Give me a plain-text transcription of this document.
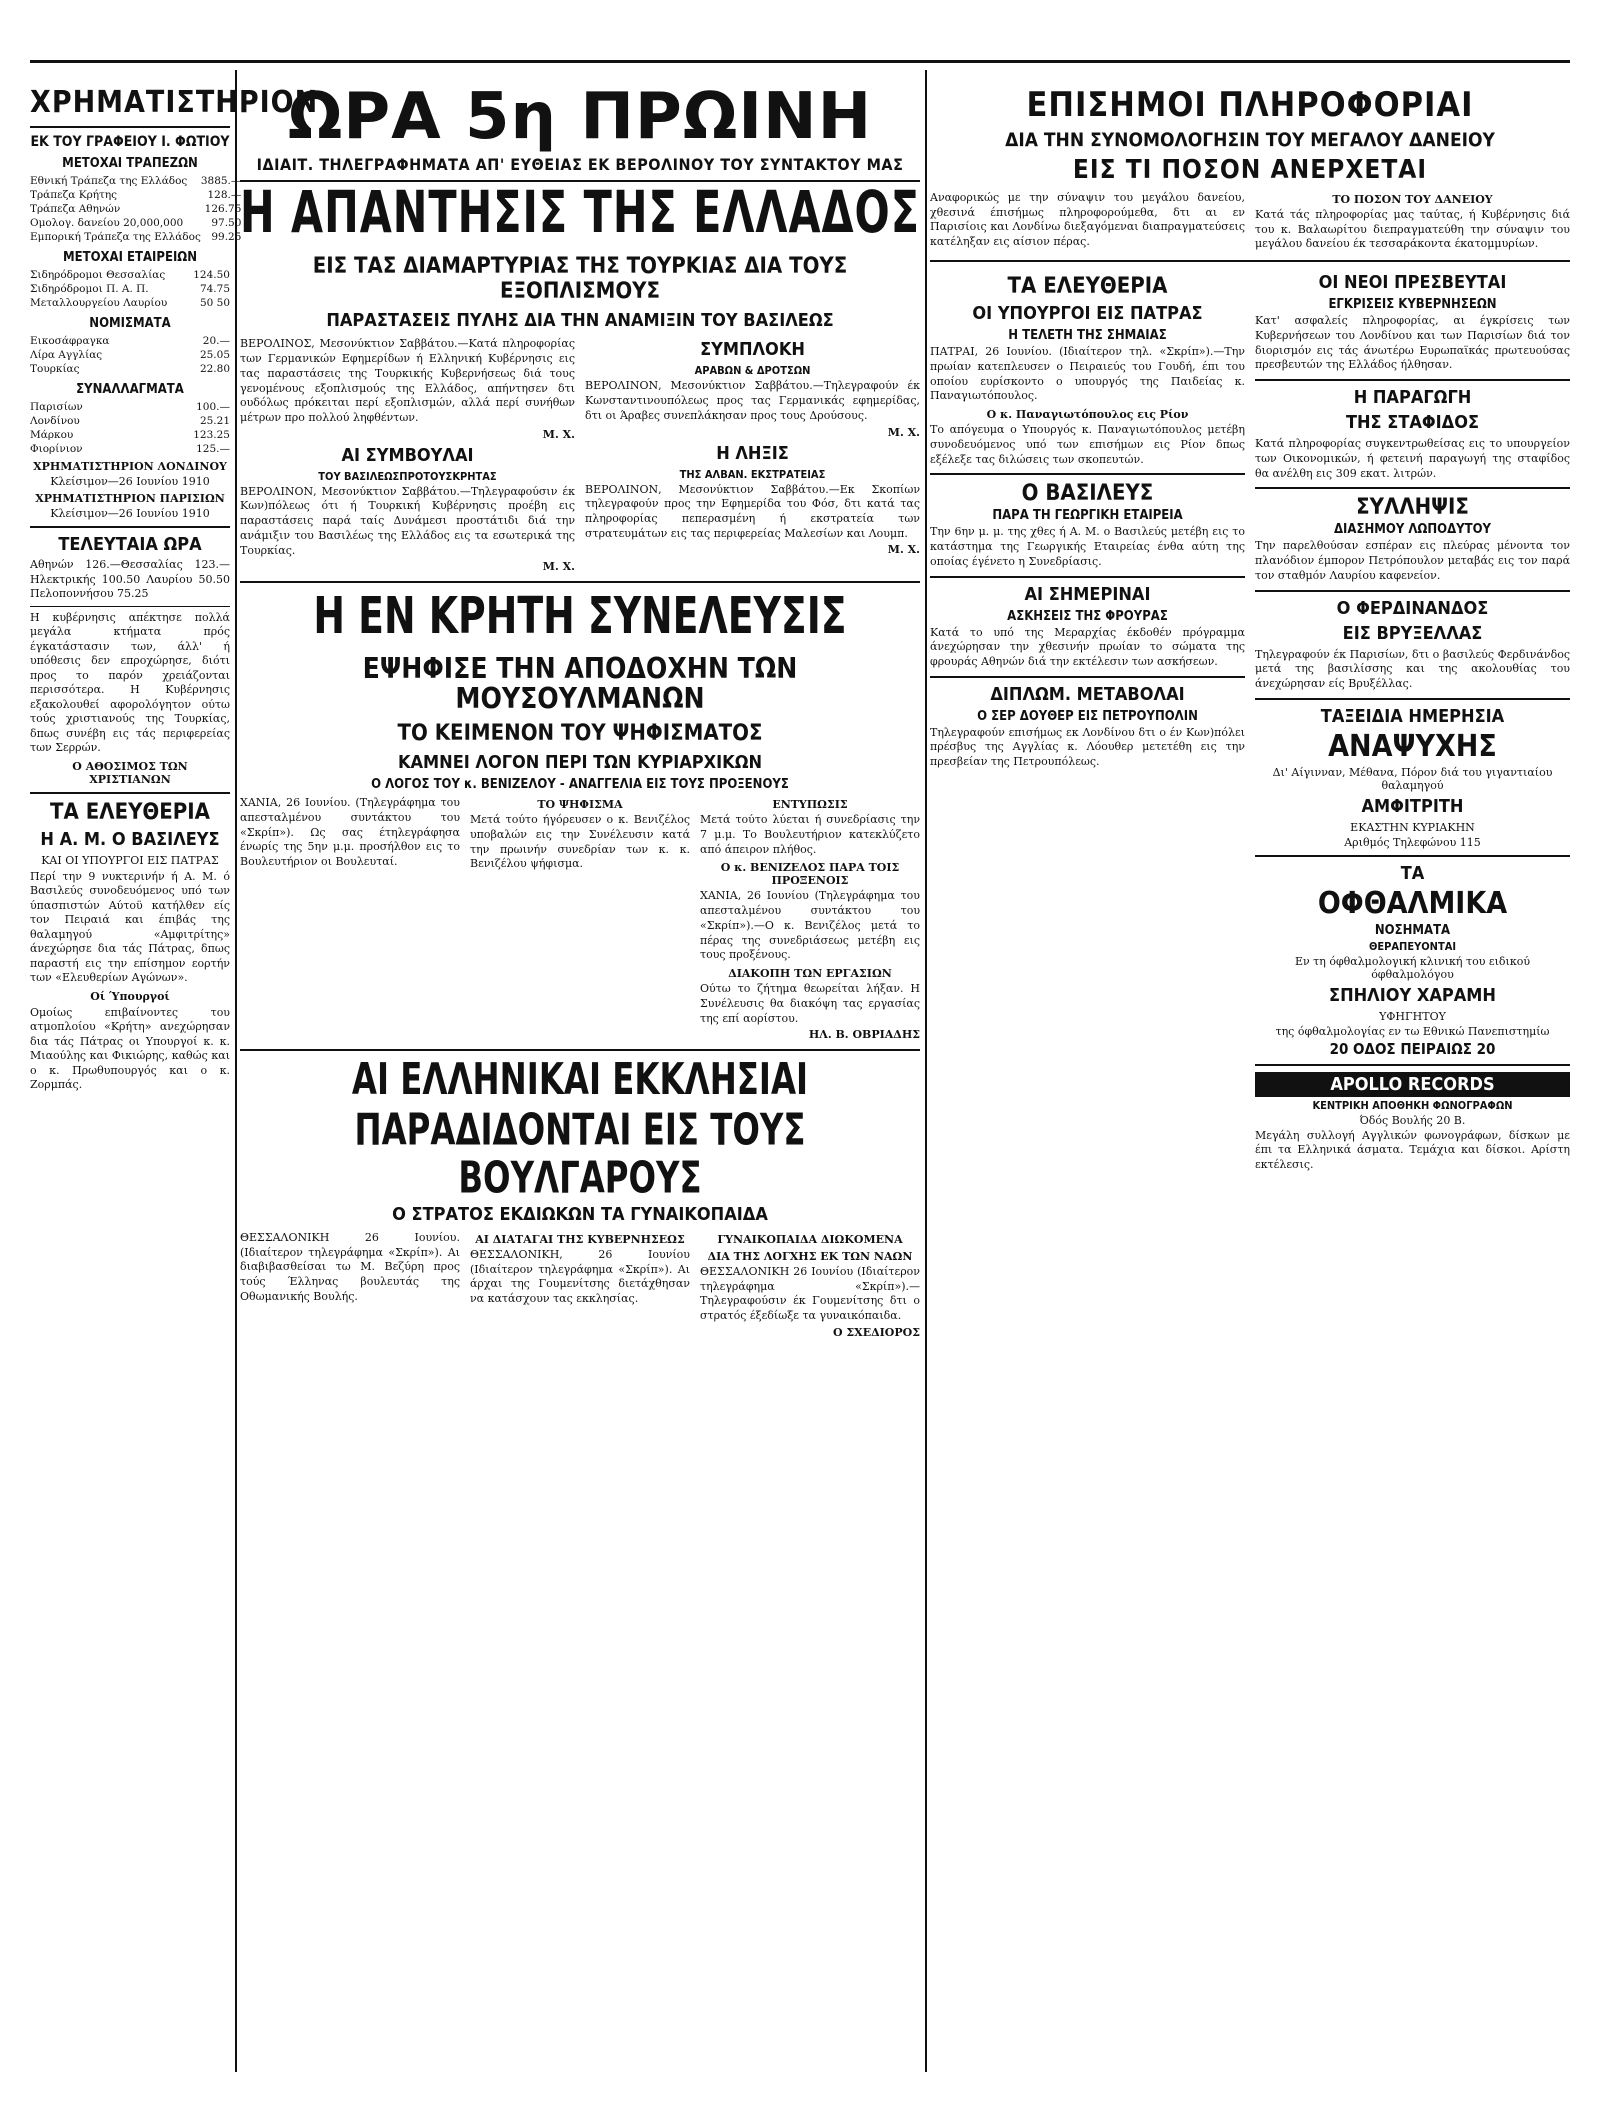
ΧΡΗΜΑΤΙΣΤΗΡΙΟΝ
ΕΚ ΤΟΥ ΓΡΑΦΕΙΟΥ Ι. ΦΩΤΙΟΥ
ΜΕΤΟΧΑΙ ΤΡΑΠΕΖΩΝ
Εθνική Τράπεζα της Ελλάδος	3885.—
Τράπεζα Κρήτης	128.—
Τράπεζα Αθηνών	126.75
Ομολογ. δανείου 20,000,000	97.50
Εμπορική Τράπεζα της Ελλάδος	99.25
ΜΕΤΟΧΑΙ ΕΤΑΙΡΕΙΩΝ
Σιδηρόδρομοι Θεσσαλίας	124.50
Σιδηρόδρομοι Π. Α. Π.	74.75
Μεταλλουργείου Λαυρίου	50 50
ΝΟΜΙΣΜΑΤΑ
Εικοσάφραγκα	20.—
Λίρα Αγγλίας	25.05
Τουρκίας	22.80
ΣΥΝΑΛΛΑΓΜΑΤΑ
Παρισίων	100.—
Λονδίνου	25.21
Μάρκου	123.25
Φιορίνιον	125.—
ΧΡΗΜΑΤΙΣΤΗΡΙΟΝ ΛΟΝΔΙΝΟΥ
Κλείσιμον—26 Ιουνίου 1910
ΧΡΗΜΑΤΙΣΤΗΡΙΟΝ ΠΑΡΙΣΙΩΝ
Κλείσιμον—26 Ιουνίου 1910
ΤΕΛΕΥΤΑΙΑ ΩΡΑ
Αθηνών 126.—Θεσσαλίας 123.—Ηλεκτρικής 100.50 Λαυρίου 50.50 Πελοποννήσου 75.25
Η κυβέρνησις απέκτησε πολλά μεγάλα κτήματα πρός έγκατάστασιν των, άλλ' ή υπόθεσις δεν επροχώρησε, διότι προς το παρόν χρειάζονται περισσότερα. Η Κυβέρνησις εξακολουθεί αφορολόγητον ούτω τούς χριστιανούς της Τουρκίας, δπως συνέβη εις τάς περιφερείας των Σερρών.
Ο ΑΘΟΣΙΜΟΣ ΤΩΝ ΧΡΙΣΤΙΑΝΩΝ
ΤΑ ΕΛΕΥΘΕΡΙΑ
Η Α. Μ. Ο ΒΑΣΙΛΕΥΣ
ΚΑΙ ΟΙ ΥΠΟΥΡΓΟΙ ΕΙΣ ΠΑΤΡΑΣ
Περί την 9 νυκτερινήν ή Α. Μ. ό Βασιλεύς συνοδευόμενος υπό των ύπασπιστών Αύτοϋ κατήλθεν είς τον Πειραιά και έπιβάς της θαλαμηγού «Αμφιτρίτης» άνεχώρησε δια τάς Πάτρας, δπως παραστή εις την επίσημον εορτήν των «Ελευθερίων Αγώνων».
Οί Ύπουργοί
Ομοίως επιβαίνοντες του ατμοπλοίου «Κρήτη» ανεχώρησαν δια τάς Πάτρας οι Υπουργοί κ. κ. Μιαούλης και Φικιώρης, καθώς και ο κ. Πρωθυπουργός και ο κ. Ζορμπάς.
ΩΡΑ 5η ΠΡΩΙΝΗ
ΙΔΙΑΙΤ. ΤΗΛΕΓΡΑΦΗΜΑΤΑ ΑΠ' ΕΥΘΕΙΑΣ ΕΚ ΒΕΡΟΛΙΝΟΥ ΤΟΥ ΣΥΝΤΑΚΤΟΥ ΜΑΣ
Η ΑΠΑΝΤΗΣΙΣ ΤΗΣ ΕΛΛΑΔΟΣ
ΕΙΣ ΤΑΣ ΔΙΑΜΑΡΤΥΡΙΑΣ ΤΗΣ ΤΟΥΡΚΙΑΣ ΔΙΑ ΤΟΥΣ ΕΞΟΠΛΙΣΜΟΥΣ
ΠΑΡΑΣΤΑΣΕΙΣ ΠΥΛΗΣ ΔΙΑ ΤΗΝ ΑΝΑΜΙΞΙΝ ΤΟΥ ΒΑΣΙΛΕΩΣ
ΒΕΡΟΛΙΝΟΣ, Μεσονύκτιον Σαββάτου.—Κατά πληροφορίας των Γερμανικών Εφημερίδων ή Ελληνική Κυβέρνησις εις τας παραστάσεις της Τουρκικής Κυβερνήσεως διά τους γενομένους εξοπλισμούς της Ελλάδος, απήντησεν δτι ουδόλως πρόκειται περί εξοπλισμών, αλλά περί συνήθων μέτρων προ πολλού ληφθέντων.
Μ. Χ.
ΑΙ ΣΥΜΒΟΥΛΑΙ
ΤΟΥ ΒΑΣΙΛΕΩΣΠΡΟΤΟΥΣΚΡΗΤΑΣ
ΒΕΡΟΛΙΝΟΝ, Μεσονύκτιον Σαββάτου.—Τηλεγραφούσιν έκ Κων)πόλεως ότι ή Τουρκική Κυβέρνησις προέβη εις παραστάσεις παρά ταίς Δυνάμεσι προστάτιδι διά την ανάμιξιν του Βασιλέως της Ελλάδος εις τα εσωτερικά της Τουρκίας.
Μ. Χ.
ΣΥΜΠΛΟΚΗ
ΑΡΑΒΩΝ & ΔΡΟΤΣΩΝ
ΒΕΡΟΛΙΝΟΝ, Μεσονύκτιον Σαββάτου.—Τηλεγραφούν έκ Κωνσταντινουπόλεως προς τας Γερμανικάς εφημερίδας, δτι οι Άραβες συνεπλάκησαν προς τους Δρούσους.
Μ. Χ.
Η ΛΗΞΙΣ
ΤΗΣ ΑΛΒΑΝ. ΕΚΣΤΡΑΤΕΙΑΣ
ΒΕΡΟΛΙΝΟΝ, Μεσονύκτιον Σαββάτου.—Εκ Σκοπίων τηλεγραφούν προς την Εφημερίδα του Φόσ, δτι κατά τας πληροφορίας πεπερασμένη ή εκστρατεία των στρατευμάτων εις τας περιφερείας Μαλεσίων και Λουμπ.
Μ. Χ.
Η ΕΝ ΚΡΗΤΗ ΣΥΝΕΛΕΥΣΙΣ
ΕΨΗΦΙΣΕ ΤΗΝ ΑΠΟΔΟΧΗΝ ΤΩΝ ΜΟΥΣΟΥΛΜΑΝΩΝ
ΤΟ ΚΕΙΜΕΝΟΝ ΤΟΥ ΨΗΦΙΣΜΑΤΟΣ
ΚΑΜΝΕΙ ΛΟΓΟΝ ΠΕΡΙ ΤΩΝ ΚΥΡΙΑΡΧΙΚΩΝ
Ο ΛΟΓΟΣ ΤΟΥ κ. ΒΕΝΙΖΕΛΟΥ - ΑΝΑΓΓΕΛΙΑ ΕΙΣ ΤΟΥΣ ΠΡΟΞΕΝΟΥΣ
ΧΑΝΙΑ, 26 Ιουνίου. (Τηλεγράφημα του απεσταλμένου συντάκτου του «Σκρίπ»). Ως σας έτηλεγράφησα ένωρίς της 5ην μ.μ. προσήλθον εις το Βουλευτήριον οι Βουλευταί.
ΤΟ ΨΗΦΙΣΜΑ
Μετά τούτο ήγόρευσεν ο κ. Βενιζέλος υποβαλών εις την Συνέλευσιν κατά την πρωινήν συνεδρίαν των κ. κ. Βενιζέλου ψήφισμα.
ΕΝΤΥΠΩΣΙΣ
Μετά τούτο λύεται ή συνεδρίασις την 7 μ.μ. Το Βουλευτήριον κατεκλύζετο από άπειρον πλήθος.
Ο κ. ΒΕΝΙΖΕΛΟΣ ΠΑΡΑ ΤΟΙΣ ΠΡΟΞΕΝΟΙΣ
ΧΑΝΙΑ, 26 Ιουνίου (Τηλεγράφημα του απεσταλμένου συντάκτου του «Σκρίπ»).—Ο κ. Βενιζέλος μετά το πέρας της συνεδριάσεως μετέβη εις τους προξένους.
ΔΙΑΚΟΠΗ ΤΩΝ ΕΡΓΑΣΙΩΝ
Ούτω το ζήτημα θεωρείται λήξαν. Η Συνέλευσις θα διακόψη τας εργασίας της επί αορίστου.
ΗΛ. Β. ΟΒΡΙΑΔΗΣ
ΑΙ ΕΛΛΗΝΙΚΑΙ ΕΚΚΛΗΣΙΑΙ
ΠΑΡΑΔΙΔΟΝΤΑΙ ΕΙΣ ΤΟΥΣ ΒΟΥΛΓΑΡΟΥΣ
Ο ΣΤΡΑΤΟΣ ΕΚΔΙΩΚΩΝ ΤΑ ΓΥΝΑΙΚΟΠΑΙΔΑ
ΘΕΣΣΑΛΟΝΙΚΗ 26 Ιουνίου. (Ιδιαίτερον τηλεγράφημα «Σκρίπ»). Αι διαβιβασθείσαι τω Μ. Βεζύρη προς τούς Έλληνας βουλευτάς της Οθωμανικής Βουλής.
ΑΙ ΔΙΑΤΑΓΑΙ ΤΗΣ ΚΥΒΕΡΝΗΣΕΩΣ
ΘΕΣΣΑΛΟΝΙΚΗ, 26 Ιουνίου (Ιδιαίτερον τηλεγράφημα «Σκρίπ»). Αι άρχαι της Γουμενίτσης διετάχθησαν να κατάσχουν τας εκκλησίας.
ΓΥΝΑΙΚΟΠΑΙΔΑ ΔΙΩΚΟΜΕΝΑ
ΔΙΑ ΤΗΣ ΛΟΓΧΗΣ ΕΚ ΤΩΝ ΝΑΩΝ
ΘΕΣΣΑΛΟΝΙΚΗ 26 Ιουνίου (Ιδιαίτερον τηλεγράφημα «Σκρίπ»).—Τηλεγραφούσιν έκ Γουμενίτσης δτι ο στρατός έξεδίωξε τα γυναικόπαιδα.
Ο ΣΧΕΔΙΟΡΟΣ
ΕΠΙΣΗΜΟΙ ΠΛΗΡΟΦΟΡΙΑΙ
ΔΙΑ ΤΗΝ ΣΥΝΟΜΟΛΟΓΗΣΙΝ ΤΟΥ ΜΕΓΑΛΟΥ ΔΑΝΕΙΟΥ
ΕΙΣ ΤΙ ΠΟΣΟΝ ΑΝΕΡΧΕΤΑΙ
Αναφορικώς με την σύναψιν του μεγάλου δανείου, χθεσινά έπισήμως πληροφορούμεθα, δτι αι εν Παρισίοις και Λονδίνω διεξαγόμεναι διαπραγματεύσεις κατέληξαν εις αίσιον πέρας.
ΤΟ ΠΟΣΟΝ ΤΟΥ ΔΑΝΕΙΟΥ
Κατά τάς πληροφορίας μας ταύτας, ή Κυβέρνησις διά του κ. Βαλαωρίτου διεπραγματεύθη την σύναψιν του μεγάλου δανείου έκ τεσσαράκοντα έκατομμυρίων.
ΤΑ ΕΛΕΥΘΕΡΙΑ
ΟΙ ΥΠΟΥΡΓΟΙ ΕΙΣ ΠΑΤΡΑΣ
Η ΤΕΛΕΤΗ ΤΗΣ ΣΗΜΑΙΑΣ
ΠΑΤΡΑΙ, 26 Ιουνίου. (Ιδιαίτερον τηλ. «Σκρίπ»).—Την πρωίαν κατεπλευσεν ο Πειραιεύς του Γουδή, έπι του οποίου ευρίσκοντο ο υπουργός της Παιδείας κ. Παναγιωτόπουλος.
Ο κ. Παναγιωτόπουλος εις Ρίον
Το απόγευμα ο Υπουργός κ. Παναγιωτόπουλος μετέβη συνοδευόμενος υπό των επισήμων εις Ρίον δπως εξέλεξε τας διλώσεις των σκοπευτών.
Ο ΒΑΣΙΛΕΥΣ
ΠΑΡΑ ΤΗ ΓΕΩΡΓΙΚΗ ΕΤΑΙΡΕΙΑ
Την 6ην μ. μ. της χθες ή Α. Μ. ο Βασιλεύς μετέβη εις το κατάστημα της Γεωργικής Εταιρείας ένθα αύτη της οποίας έγένετο η Συνεδρίασις.
ΑΙ ΣΗΜΕΡΙΝΑΙ
ΑΣΚΗΣΕΙΣ ΤΗΣ ΦΡΟΥΡΑΣ
Κατά το υπό της Μεραρχίας έκδοθέν πρόγραμμα άνεχώρησαν την χθεσινήν πρωίαν το σώματα της φρουράς Αθηνών διά την εκτέλεσιν των ασκήσεων.
ΔΙΠΛΩΜ. ΜΕΤΑΒΟΛΑΙ
Ο ΣΕΡ ΔΟΥΘΕΡ ΕΙΣ ΠΕΤΡΟΥΠΟΛΙΝ
Τηλεγραφούν επισήμως εκ Λονδίνου δτι ο έν Κων)πόλει πρέσβυς της Αγγλίας κ. Λόουθερ μετετέθη εις την πρεσβείαν της Πετρουπόλεως.
ΟΙ ΝΕΟΙ ΠΡΕΣΒΕΥΤΑΙ
ΕΓΚΡΙΣΕΙΣ ΚΥΒΕΡΝΗΣΕΩΝ
Κατ' ασφαλείς πληροφορίας, αι έγκρίσεις των Κυβερνήσεων του Λονδίνου και των Παρισίων διά τον διορισμόν εις τάς άνωτέρω Ευρωπαϊκάς πρωτευούσας πρεσβευτών της Ελλάδος ήλθησαν.
Η ΠΑΡΑΓΩΓΗ
ΤΗΣ ΣΤΑΦΙΔΟΣ
Κατά πληροφορίας συγκεντρωθείσας εις το υπουργείον των Οικονομικών, ή φετεινή παραγωγή της σταφίδος θα ανέλθη εις 309 εκατ. λιτρών.
ΣΥΛΛΗΨΙΣ
ΔΙΑΣΗΜΟΥ ΛΩΠΟΔΥΤΟΥ
Την παρελθούσαν εσπέραν εις πλεύρας μένοντα τον πλανόδιον έμπορον Πετρόπουλον μεταβάς εις τον παρά τον σταθμόν Λαυρίου καφενείον.
Ο ΦΕΡΔΙΝΑΝΔΟΣ
ΕΙΣ ΒΡΥΞΕΛΛΑΣ
Τηλεγραφούν έκ Παρισίων, δτι ο βασιλεύς Φερδινάνδος μετά της βασιλίσσης και της ακολουθίας του άνεχώρησαν είς Βρυξέλλας.
ΤΑΞΕΙΔΙΑ ΗΜΕΡΗΣΙΑ
ΑΝΑΨΥΧΗΣ
Δι' Αίγινναν, Μέθανα, Πόρον διά του γιγαντιαίου θαλαμηγού
ΑΜΦΙΤΡΙΤΗ
ΕΚΑΣΤΗΝ ΚΥΡΙΑΚΗΝ
Αριθμός Τηλεφώνου 115
ΤΑ
ΟΦΘΑΛΜΙΚΑ
ΝΟΣΗΜΑΤΑ
ΘΕΡΑΠΕΥΟΝΤΑΙ
Εν τη όφθαλμολογική κλινική του ειδικού όφθαλμολόγου
ΣΠΗΛΙΟΥ ΧΑΡΑΜΗ
ΥΦΗΓΗΤΟΥ
της όφθαλμολογίας εν τω Εθνικώ Πανεπιστημίω
20 ΟΔΟΣ ΠΕΙΡΑΙΩΣ 20
APOLLO RECORDS
ΚΕΝΤΡΙΚΗ ΑΠΟΘΗΚΗ ΦΩΝΟΓΡΑΦΩΝ
Όδός Βουλής 20 Β.
Μεγάλη συλλογή Αγγλικών φωνογράφων, δίσκων με έπι τα Ελληνικά άσματα. Τεμάχια και δίσκοι. Αρίστη εκτέλεσις.
